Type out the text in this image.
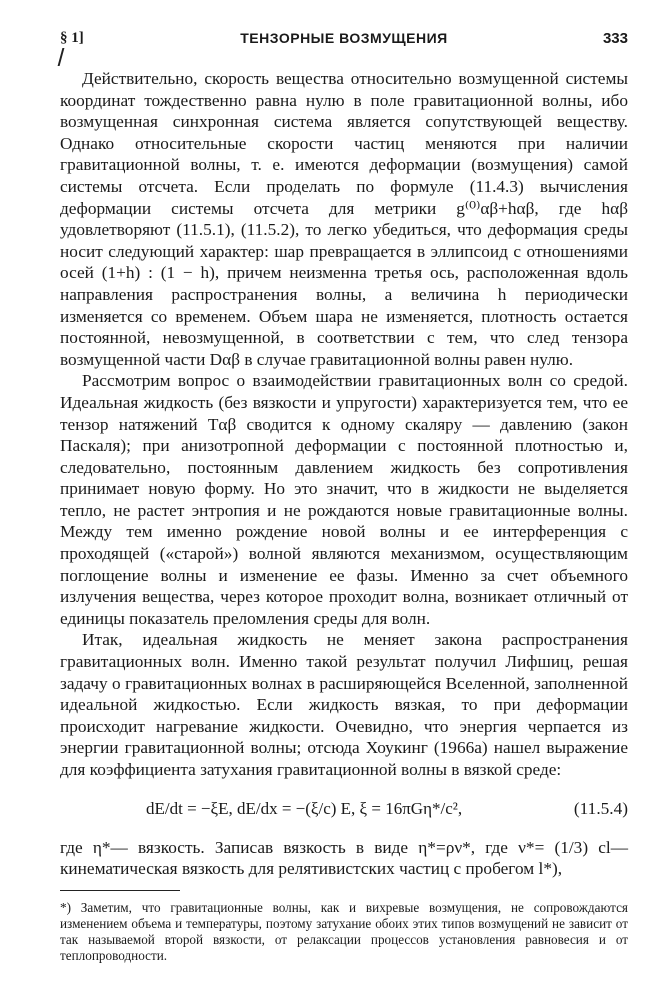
§ 1]	ТЕНЗОРНЫЕ ВОЗМУЩЕНИЯ	333

Действительно, скорость вещества относительно возмущенной системы координат тождественно равна нулю в поле гравитационной волны, ибо возмущенная синхронная система является сопутствующей веществу. Однако относительные скорости частиц меняются при наличии гравитационной волны, т. е. имеются деформации (возмущения) самой системы отсчета. Если проделать по формуле (11.4.3) вычисления деформации системы отсчета для метрики g⁽⁰⁾αβ+hαβ, где hαβ удовлетворяют (11.5.1), (11.5.2), то легко убедиться, что деформация среды носит следующий характер: шар превращается в эллипсоид с отношениями осей (1+h) : (1 − h), причем неизменна третья ось, расположенная вдоль направления распространения волны, а величина h периодически изменяется со временем. Объем шара не изменяется, плотность остается постоянной, невозмущенной, в соответствии с тем, что след тензора возмущенной части Dαβ в случае гравитационной волны равен нулю.

Рассмотрим вопрос о взаимодействии гравитационных волн со средой. Идеальная жидкость (без вязкости и упругости) характеризуется тем, что ее тензор натяжений Tαβ сводится к одному скаляру — давлению (закон Паскаля); при анизотропной деформации с постоянной плотностью и, следовательно, постоянным давлением жидкость без сопротивления принимает новую форму. Но это значит, что в жидкости не выделяется тепло, не растет энтропия и не рождаются новые гравитационные волны. Между тем именно рождение новой волны и ее интерференция с проходящей («старой») волной являются механизмом, осуществляющим поглощение волны и изменение ее фазы. Именно за счет объемного излучения вещества, через которое проходит волна, возникает отличный от единицы показатель преломления среды для волн.

Итак, идеальная жидкость не меняет закона распространения гравитационных волн. Именно такой результат получил Лифшиц, решая задачу о гравитационных волнах в расширяющейся Вселенной, заполненной идеальной жидкостью. Если жидкость вязкая, то при деформации происходит нагревание жидкости. Очевидно, что энергия черпается из энергии гравитационной волны; отсюда Хоукинг (1966а) нашел выражение для коэффициента затухания гравитационной волны в вязкой среде:

dE/dt = −ξE, dE/dx = −(ξ/c) E, ξ = 16πGη*/c²,	(11.5.4)

где η*— вязкость. Записав вязкость в виде η*=ρν*, где ν*= (1/3) cl— кинематическая вязкость для релятивистских частиц с пробегом l*),

*) Заметим, что гравитационные волны, как и вихревые возмущения, не сопровождаются изменением объема и температуры, поэтому затухание обоих этих типов возмущений не зависит от так называемой второй вязкости, от релаксации процессов установления равновесия и от теплопроводности.
